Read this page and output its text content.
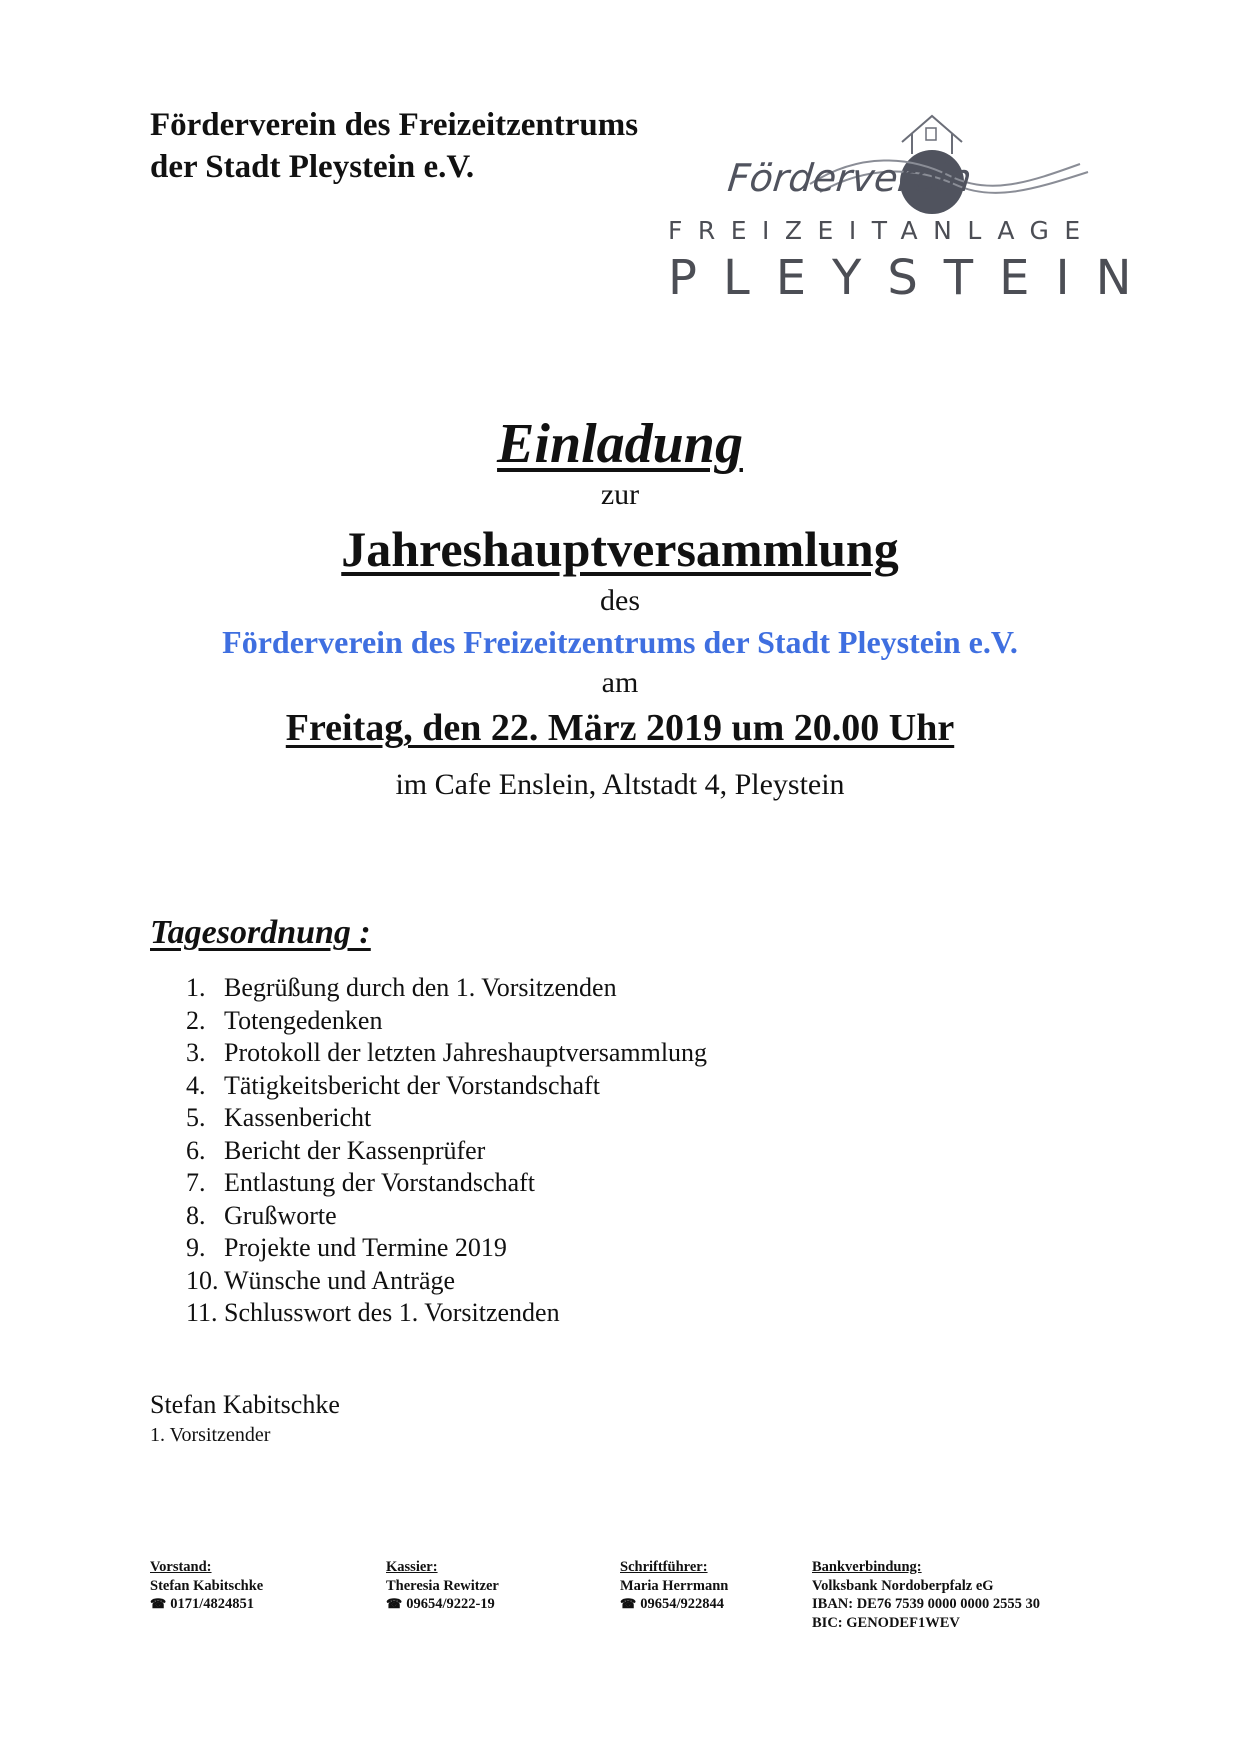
Förderverein des Freizeitzentrums
der Stadt Pleystein e.V.	Förderverein
FREIZEITANLAGE
PLEYSTEIN
Einladung
zur
Jahreshauptversammlung
des
Förderverein des Freizeitzentrums der Stadt Pleystein e.V.
am
Freitag, den 22. März 2019 um 20.00 Uhr
im Cafe Enslein, Altstadt 4, Pleystein
Tagesordnung :
1. Begrüßung durch den 1. Vorsitzenden
2. Totengedenken
3. Protokoll der letzten Jahreshauptversammlung
4. Tätigkeitsbericht der Vorstandschaft
5. Kassenbericht
6. Bericht der Kassenprüfer
7. Entlastung der Vorstandschaft
8. Grußworte
9. Projekte und Termine 2019
10. Wünsche und Anträge
11. Schlusswort des 1. Vorsitzenden
Stefan Kabitschke
1. Vorsitzender
Vorstand:
Stefan Kabitschke
☎ 0171/4824851
Kassier:
Theresia Rewitzer
☎ 09654/9222-19
Schriftführer:
Maria Herrmann
☎ 09654/922844
Bankverbindung:
Volksbank Nordoberpfalz eG
IBAN: DE76 7539 0000 0000 2555 30
BIC: GENODEF1WEV
